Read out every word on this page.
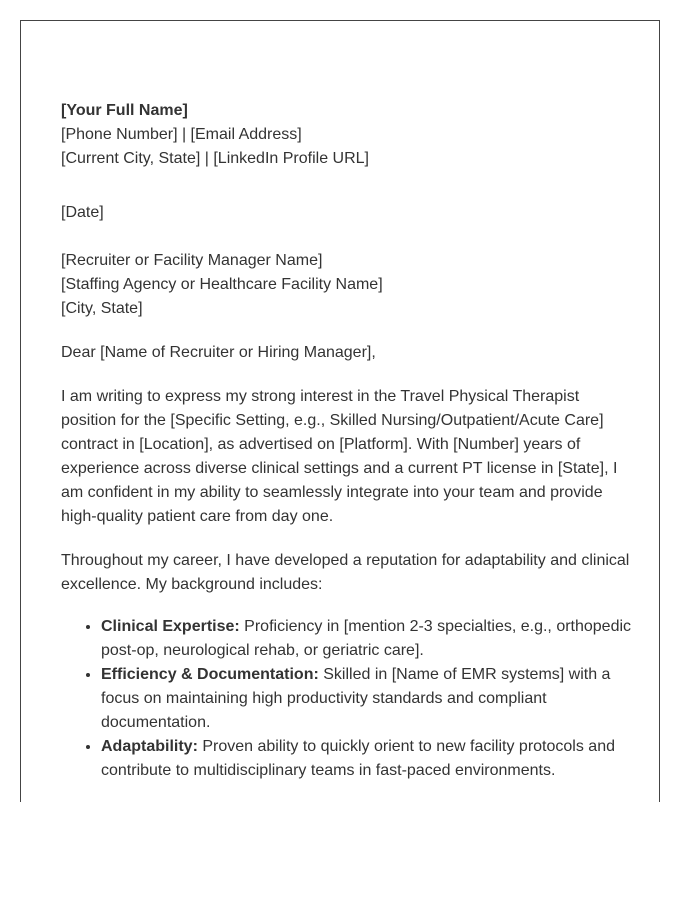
[Your Full Name]
[Phone Number] | [Email Address]
[Current City, State] | [LinkedIn Profile URL]
[Date]
[Recruiter or Facility Manager Name]
[Staffing Agency or Healthcare Facility Name]
[City, State]

Dear [Name of Recruiter or Hiring Manager],

I am writing to express my strong interest in the Travel Physical Therapist position for the [Specific Setting, e.g., Skilled Nursing/Outpatient/Acute Care] contract in [Location], as advertised on [Platform]. With [Number] years of experience across diverse clinical settings and a current PT license in [State], I am confident in my ability to seamlessly integrate into your team and provide high-quality patient care from day one.

Throughout my career, I have developed a reputation for adaptability and clinical excellence. My background includes:

• Clinical Expertise: Proficiency in [mention 2-3 specialties, e.g., orthopedic post-op, neurological rehab, or geriatric care].
• Efficiency & Documentation: Skilled in [Name of EMR systems] with a focus on maintaining high productivity standards and compliant documentation.
• Adaptability: Proven ability to quickly orient to new facility protocols and contribute to multidisciplinary teams in fast-paced environments.
